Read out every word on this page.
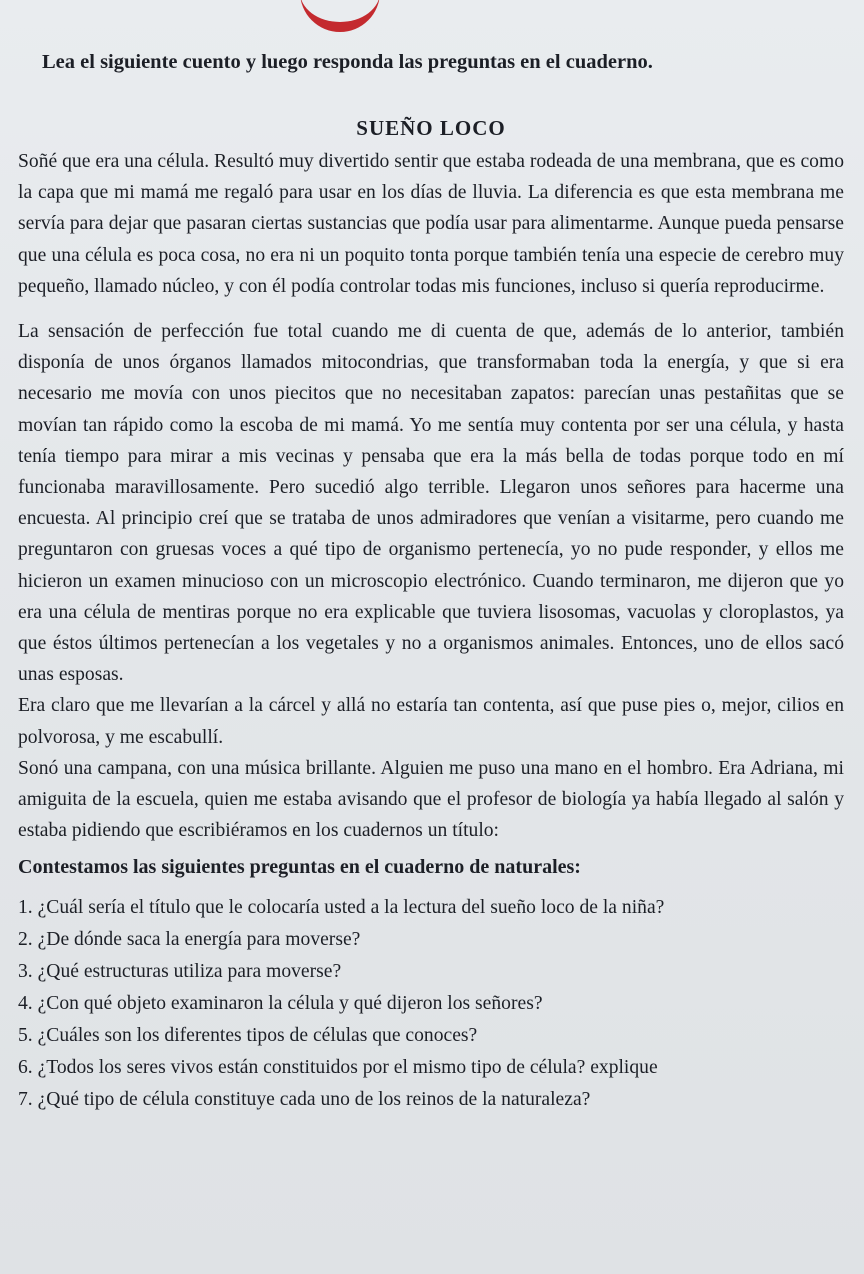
Lea el siguiente cuento y luego responda las preguntas en el cuaderno.

SUEÑO LOCO

Soñé que era una célula. Resultó muy divertido sentir que estaba rodeada de una membrana, que es como la capa que mi mamá me regaló para usar en los días de lluvia. La diferencia es que esta membrana me servía para dejar que pasaran ciertas sustancias que podía usar para alimentarme. Aunque pueda pensarse que una célula es poca cosa, no era ni un poquito tonta porque también tenía una especie de cerebro muy pequeño, llamado núcleo, y con él podía controlar todas mis funciones, incluso si quería reproducirme.

La sensación de perfección fue total cuando me di cuenta de que, además de lo anterior, también disponía de unos órganos llamados mitocondrias, que transformaban toda la energía, y que si era necesario me movía con unos piecitos que no necesitaban zapatos: parecían unas pestañitas que se movían tan rápido como la escoba de mi mamá. Yo me sentía muy contenta por ser una célula, y hasta tenía tiempo para mirar a mis vecinas y pensaba que era la más bella de todas porque todo en mí funcionaba maravillosamente. Pero sucedió algo terrible. Llegaron unos señores para hacerme una encuesta. Al principio creí que se trataba de unos admiradores que venían a visitarme, pero cuando me preguntaron con gruesas voces a qué tipo de organismo pertenecía, yo no pude responder, y ellos me hicieron un examen minucioso con un microscopio electrónico. Cuando terminaron, me dijeron que yo era una célula de mentiras porque no era explicable que tuviera lisosomas, vacuolas y cloroplastos, ya que éstos últimos pertenecían a los vegetales y no a organismos animales. Entonces, uno de ellos sacó unas esposas.

Era claro que me llevarían a la cárcel y allá no estaría tan contenta, así que puse pies o, mejor, cilios en polvorosa, y me escabullí.

Sonó una campana, con una música brillante. Alguien me puso una mano en el hombro. Era Adriana, mi amiguita de la escuela, quien me estaba avisando que el profesor de biología ya había llegado al salón y estaba pidiendo que escribiéramos en los cuadernos un título:

Contestamos las siguientes preguntas en el cuaderno de naturales:
1. ¿Cuál sería el título que le colocaría usted a la lectura del sueño loco de la niña?
2. ¿De dónde saca la energía para moverse?
3. ¿Qué estructuras utiliza para moverse?
4. ¿Con qué objeto examinaron la célula y qué dijeron los señores?
5. ¿Cuáles son los diferentes tipos de células que conoces?
6. ¿Todos los seres vivos están constituidos por el mismo tipo de célula? explique
7. ¿Qué tipo de célula constituye cada uno de los reinos de la naturaleza?
